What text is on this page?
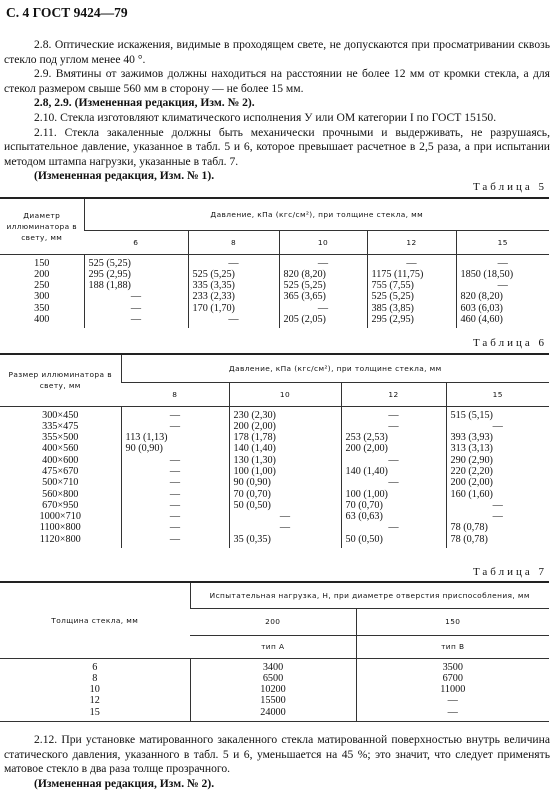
С. 4 ГОСТ 9424—79

2.8. Оптические искажения, видимые в проходящем свете, не допускаются при просматривании сквозь стекло под углом менее 40 °.

2.9. Вмятины от зажимов должны находиться на расстоянии не более 12 мм от кромки стекла, а для стекол размером свыше 560 мм в сторону — не более 15 мм.

2.8, 2.9. (Измененная редакция, Изм. № 2).

2.10. Стекла изготовляют климатического исполнения У или ОМ категории I по ГОСТ 15150.

2.11. Стекла закаленные должны быть механически прочными и выдерживать, не разрушаясь, испытательное давление, указанное в табл. 5 и 6, которое превышает расчетное в 2,5 раза, а при испытании методом штампа нагрузки, указанные в табл. 7.

(Измененная редакция, Изм. № 1).

Таблица 5
Диаметр иллюминатора в свету, мм	Давление, кПа (кгс/см²), при толщине стекла, мм				
	6	8	10	12	15
150	525 (5,25)	—	—	—	—
200	295 (2,95)	525 (5,25)	820 (8,20)	1175 (11,75)	1850 (18,50)
250	188 (1,88)	335 (3,35)	525 (5,25)	755 (7,55)	—
300	—	233 (2,33)	365 (3,65)	525 (5,25)	820 (8,20)
350	—	170 (1,70)	—	385 (3,85)	603 (6,03)
400	—	—	205 (2,05)	295 (2,95)	460 (4,60)
Таблица 6
Размер иллюминатора в свету, мм	Давление, кПа (кгс/см²), при толщине стекла, мм			
	8	10	12	15
300×450	—	230 (2,30)	—	515 (5,15)
335×475	—	200 (2,00)	—	—
355×500	113 (1,13)	178 (1,78)	253 (2,53)	393 (3,93)
400×560	90 (0,90)	140 (1,40)	200 (2,00)	313 (3,13)
400×600	—	130 (1,30)	—	290 (2,90)
475×670	—	100 (1,00)	140 (1,40)	220 (2,20)
500×710	—	90 (0,90)	—	200 (2,00)
560×800	—	70 (0,70)	100 (1,00)	160 (1,60)
670×950	—	50 (0,50)	70 (0,70)	—
1000×710	—	—	63 (0,63)	—
1100×800	—	—	—	78 (0,78)
1120×800	—	35 (0,35)	50 (0,50)	78 (0,78)
Таблица 7
Толщина стекла, мм	Испытательная нагрузка, Н, при диаметре отверстия приспособления, мм	
	200	150
	тип А	тип В
6	3400	3500
8	6500	6700
10	10200	11000
12	15500	—
15	24000	—

2.12. При установке матированного закаленного стекла матированной поверхностью внутрь величина статического давления, указанного в табл. 5 и 6, уменьшается на 45 %; это значит, что следует применять матовое стекло в два раза толще прозрачного.

(Измененная редакция, Изм. № 2).
